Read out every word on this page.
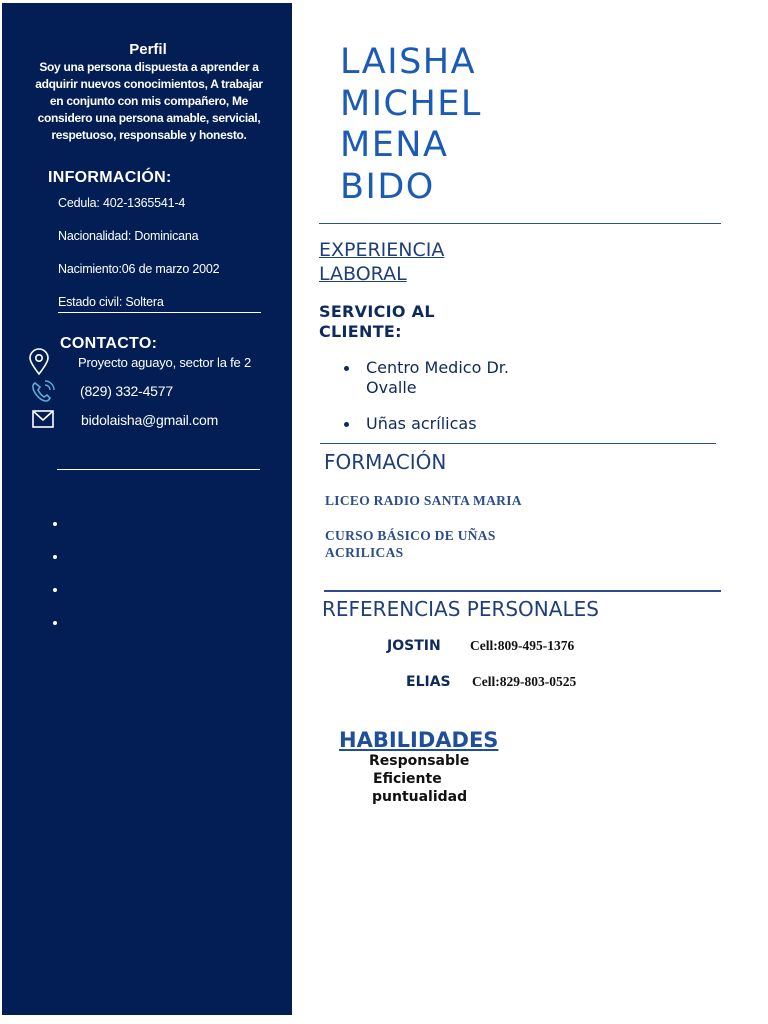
Perfil
Soy una persona dispuesta a aprender a adquirir nuevos conocimientos, A trabajar en conjunto con mis compañero, Me considero una persona amable, servicial, respetuoso, responsable y honesto.
INFORMACIÓN:
Cedula: 402-1365541-4
Nacionalidad: Dominicana
Nacimiento:06 de marzo 2002
Estado civil: Soltera
CONTACTO:
Proyecto aguayo, sector la fe 2
(829) 332-4577
bidolaisha@gmail.com
LAISHA
MICHEL
MENA
BIDO
EXPERIENCIA
LABORAL
SERVICIO AL
CLIENTE:
Centro Medico Dr.
Ovalle
Uñas acrílicas
FORMACIÓN
LICEO RADIO SANTA MARIA
CURSO BÁSICO DE UÑAS
ACRILICAS
REFERENCIAS PERSONALES
JOSTIN Cell:809-495-1376
ELIAS Cell:829-803-0525
HABILIDADES
Responsable
Eficiente
puntualidad
